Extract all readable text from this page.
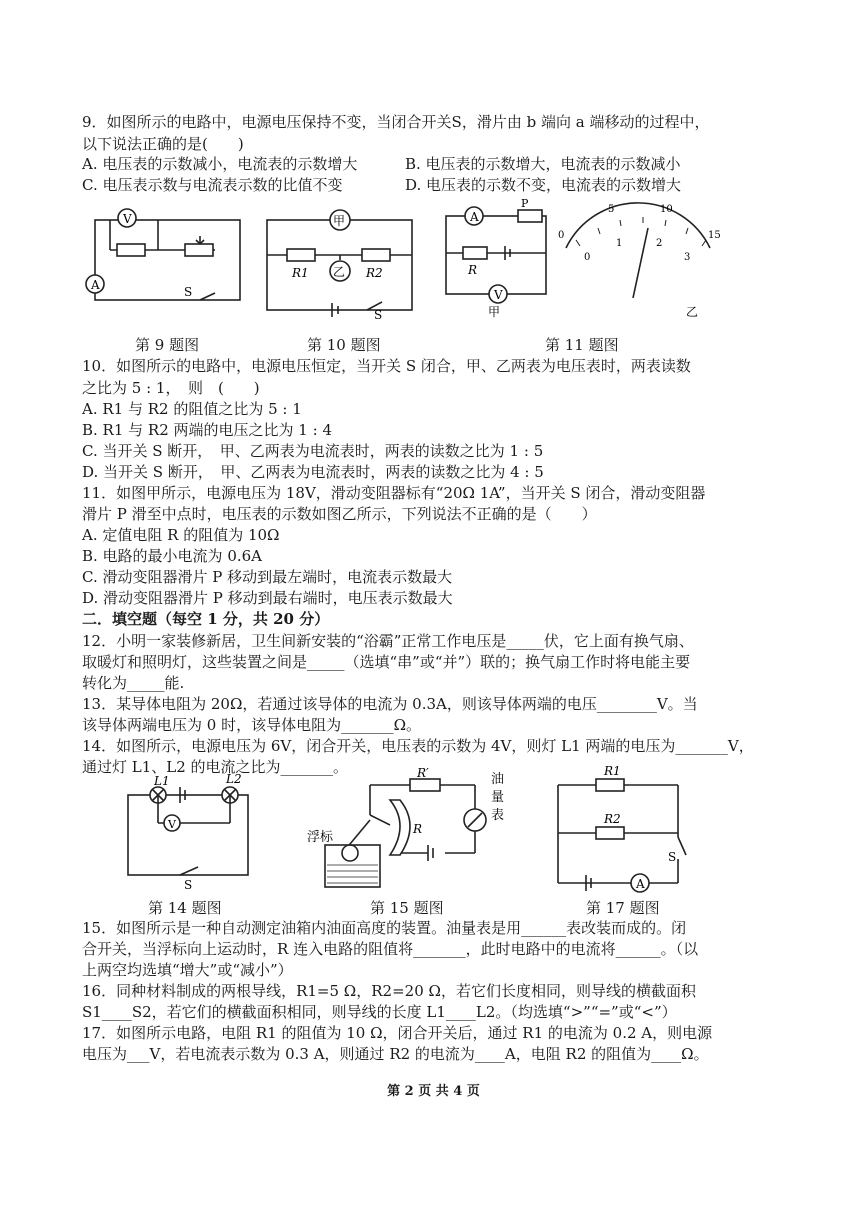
9．如图所示的电路中，电源电压保持不变，当闭合开关S，滑片由 b 端向 a 端移动的过程中，
以下说法正确的是(　　)
A. 电压表的示数减小，电流表的示数增大	B. 电压表的示数增大，电流表的示数减小
C. 电压表示数与电流表示数的比值不变	D. 电压表的示数不变，电流表的示数增大
V
A	S
甲
乙
R1	R2
S
A
V
R
P
甲	乙
0
5	10
15
0
1	2
3
第 9 题图	第 10 题图	第 11 题图
10．如图所示的电路中，电源电压恒定，当开关 S 闭合，甲、乙两表为电压表时，两表读数
之比为 5 : 1，　则　(　　)
A. R1 与 R2 的阻值之比为 5 : 1
B. R1 与 R2 两端的电压之比为 1 : 4
C. 当开关 S 断开，　甲、乙两表为电流表时，两表的读数之比为 1 : 5
D. 当开关 S 断开，　甲、乙两表为电流表时，两表的读数之比为 4 : 5
11．如图甲所示，电源电压为 18V，滑动变阻器标有“20Ω 1A”，当开关 S 闭合，滑动变阻器
滑片 P 滑至中点时，电压表的示数如图乙所示，下列说法不正确的是（　　）
A. 定值电阻 R 的阻值为 10Ω
B. 电路的最小电流为 0.6A
C. 滑动变阻器滑片 P 移动到最左端时，电流表示数最大
D. 滑动变阻器滑片 P 移动到最右端时，电压表示数最大
二．填空题（每空 1 分，共 20 分）
12．小明一家装修新居，卫生间新安装的“浴霸”正常工作电压是_____伏，它上面有换气扇、
取暖灯和照明灯，这些装置之间是_____（选填“串”或“并”）联的；换气扇工作时将电能主要
转化为_____能.
13．某导体电阻为 20Ω，若通过该导体的电流为 0.3A，则该导体两端的电压________V。当
该导体两端电压为 0 时，该导体电阻为_______Ω。
14．如图所示，电源电压为 6V，闭合开关，电压表的示数为 4V，则灯 L1 两端的电压为_______V，
通过灯 L1、L2 的电流之比为_______。
L1	L2
V
S
R′
R
浮标
油
量
表
R1
R2
S
A
第 14 题图	第 15 题图	第 17 题图
15．如图所示是一种自动测定油箱内油面高度的装置。油量表是用______表改装而成的。闭
合开关，当浮标向上运动时，R 连入电路的阻值将_______，此时电路中的电流将______。（以
上两空均选填“增大”或“减小”）
16．同种材料制成的两根导线，R1=5 Ω，R2=20 Ω，若它们长度相同，则导线的横截面积
S1____S2，若它们的横截面积相同，则导线的长度 L1____L2。（均选填“>”“=”或“<”）
17．如图所示电路，电阻 R1 的阻值为 10 Ω，闭合开关后，通过 R1 的电流为 0.2 A，则电源
电压为___V，若电流表示数为 0.3 A，则通过 R2 的电流为____A，电阻 R2 的阻值为____Ω。
第 2 页 共 4 页
